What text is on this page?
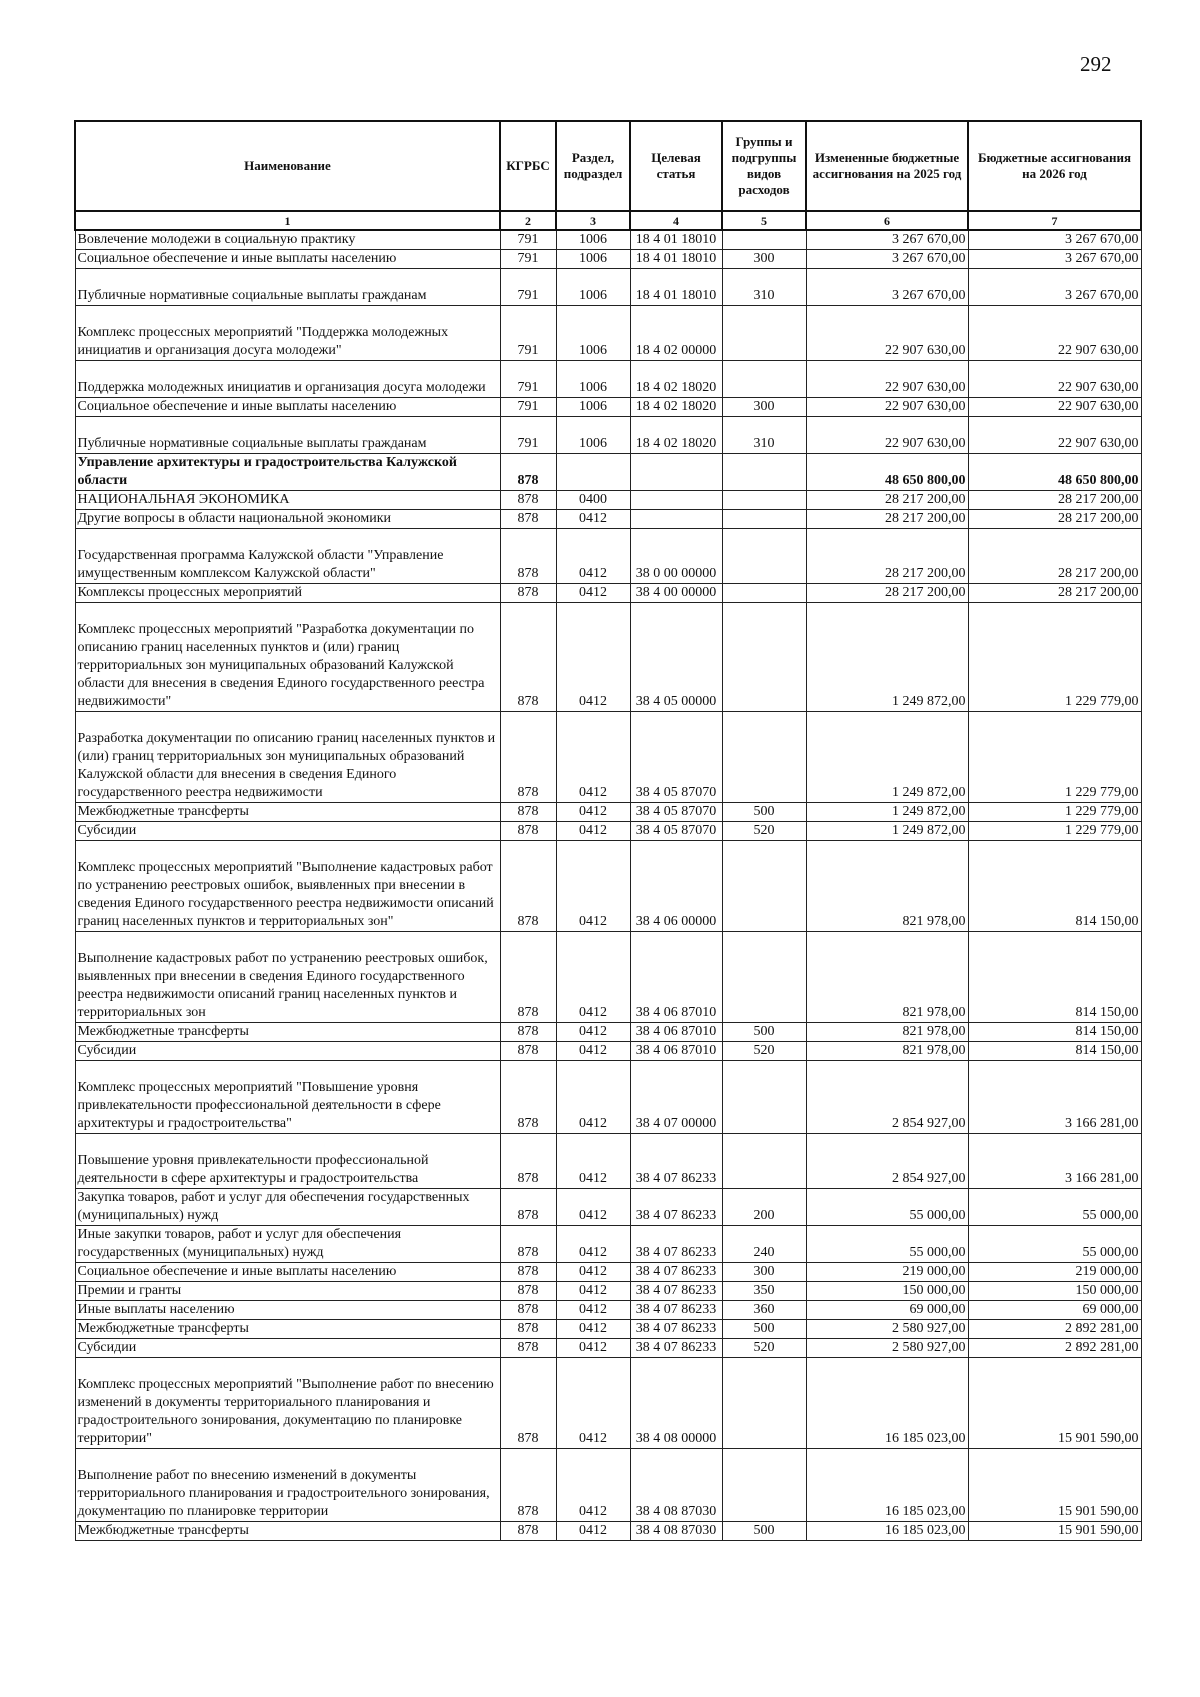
292
Наименование	КГРБС	Раздел, подраздел	Целевая статья	Группы и подгруппы видов расходов	Измененные бюджетные ассигнования на 2025 год	Бюджетные ассигнования на 2026 год
1	2	3	4	5	6	7
Вовлечение молодежи в социальную практику	791	1006	18 4 01 18010		3 267 670,00	3 267 670,00
Социальное обеспечение и иные выплаты населению	791	1006	18 4 01 18010	300	3 267 670,00	3 267 670,00
Публичные нормативные социальные выплаты гражданам	791	1006	18 4 01 18010	310	3 267 670,00	3 267 670,00
Комплекс процессных мероприятий "Поддержка молодежных инициатив и организация досуга молодежи"	791	1006	18 4 02 00000		22 907 630,00	22 907 630,00
Поддержка молодежных инициатив и организация досуга молодежи	791	1006	18 4 02 18020		22 907 630,00	22 907 630,00
Социальное обеспечение и иные выплаты населению	791	1006	18 4 02 18020	300	22 907 630,00	22 907 630,00
Публичные нормативные социальные выплаты гражданам	791	1006	18 4 02 18020	310	22 907 630,00	22 907 630,00
Управление архитектуры и градостроительства Калужской области	878				48 650 800,00	48 650 800,00
НАЦИОНАЛЬНАЯ ЭКОНОМИКА	878	0400			28 217 200,00	28 217 200,00
Другие вопросы в области национальной экономики	878	0412			28 217 200,00	28 217 200,00
Государственная программа Калужской области "Управление имущественным комплексом Калужской области"	878	0412	38 0 00 00000		28 217 200,00	28 217 200,00
Комплексы процессных мероприятий	878	0412	38 4 00 00000		28 217 200,00	28 217 200,00
Комплекс процессных мероприятий "Разработка документации по описанию границ населенных пунктов и (или) границ территориальных зон муниципальных образований Калужской области для внесения в сведения Единого государственного реестра недвижимости"	878	0412	38 4 05 00000		1 249 872,00	1 229 779,00
Разработка документации по описанию границ населенных пунктов и (или) границ территориальных зон муниципальных образований Калужской области для внесения в сведения Единого государственного реестра недвижимости	878	0412	38 4 05 87070		1 249 872,00	1 229 779,00
Межбюджетные трансферты	878	0412	38 4 05 87070	500	1 249 872,00	1 229 779,00
Субсидии	878	0412	38 4 05 87070	520	1 249 872,00	1 229 779,00
Комплекс процессных мероприятий "Выполнение кадастровых работ по устранению реестровых ошибок, выявленных при внесении в сведения Единого государственного реестра недвижимости описаний границ населенных пунктов и территориальных зон"	878	0412	38 4 06 00000		821 978,00	814 150,00
Выполнение кадастровых работ по устранению реестровых ошибок, выявленных при внесении в сведения Единого государственного реестра недвижимости описаний границ населенных пунктов и территориальных зон	878	0412	38 4 06 87010		821 978,00	814 150,00
Межбюджетные трансферты	878	0412	38 4 06 87010	500	821 978,00	814 150,00
Субсидии	878	0412	38 4 06 87010	520	821 978,00	814 150,00
Комплекс процессных мероприятий "Повышение уровня привлекательности профессиональной деятельности в сфере архитектуры и градостроительства"	878	0412	38 4 07 00000		2 854 927,00	3 166 281,00
Повышение уровня привлекательности профессиональной деятельности в сфере архитектуры и градостроительства	878	0412	38 4 07 86233		2 854 927,00	3 166 281,00
Закупка товаров, работ и услуг для обеспечения государственных (муниципальных) нужд	878	0412	38 4 07 86233	200	55 000,00	55 000,00
Иные закупки товаров, работ и услуг для обеспечения государственных (муниципальных) нужд	878	0412	38 4 07 86233	240	55 000,00	55 000,00
Социальное обеспечение и иные выплаты населению	878	0412	38 4 07 86233	300	219 000,00	219 000,00
Премии и гранты	878	0412	38 4 07 86233	350	150 000,00	150 000,00
Иные выплаты населению	878	0412	38 4 07 86233	360	69 000,00	69 000,00
Межбюджетные трансферты	878	0412	38 4 07 86233	500	2 580 927,00	2 892 281,00
Субсидии	878	0412	38 4 07 86233	520	2 580 927,00	2 892 281,00
Комплекс процессных мероприятий "Выполнение работ по внесению изменений в документы территориального планирования и градостроительного зонирования, документацию по планировке территории"	878	0412	38 4 08 00000		16 185 023,00	15 901 590,00
Выполнение работ по внесению изменений в документы территориального планирования и градостроительного зонирования, документацию по планировке территории	878	0412	38 4 08 87030		16 185 023,00	15 901 590,00
Межбюджетные трансферты	878	0412	38 4 08 87030	500	16 185 023,00	15 901 590,00
